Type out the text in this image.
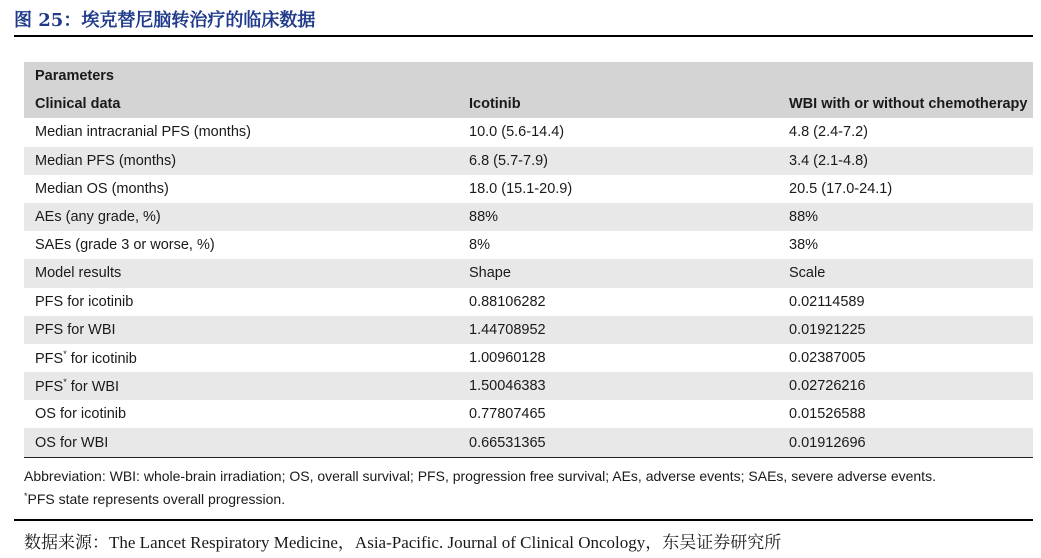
图 25：埃克替尼脑转治疗的临床数据
Parameters		
Clinical data	Icotinib	WBI with or without chemotherapy
Median intracranial PFS (months)	10.0 (5.6-14.4)	4.8 (2.4-7.2)
Median PFS (months)	6.8 (5.7-7.9)	3.4 (2.1-4.8)
Median OS (months)	18.0 (15.1-20.9)	20.5 (17.0-24.1)
AEs (any grade, %)	88%	88%
SAEs (grade 3 or worse, %)	8%	38%
Model results	Shape	Scale
PFS for icotinib	0.88106282	0.02114589
PFS for WBI	1.44708952	0.01921225
PFS* for icotinib	1.00960128	0.02387005
PFS* for WBI	1.50046383	0.02726216
OS for icotinib	0.77807465	0.01526588
OS for WBI	0.66531365	0.01912696
Abbreviation: WBI: whole-brain irradiation; OS, overall survival; PFS, progression free survival; AEs, adverse events; SAEs, severe adverse events.
*PFS state represents overall progression.
数据来源：The Lancet Respiratory Medicine，Asia-Pacific. Journal of Clinical Oncology，东吴证券研究所
